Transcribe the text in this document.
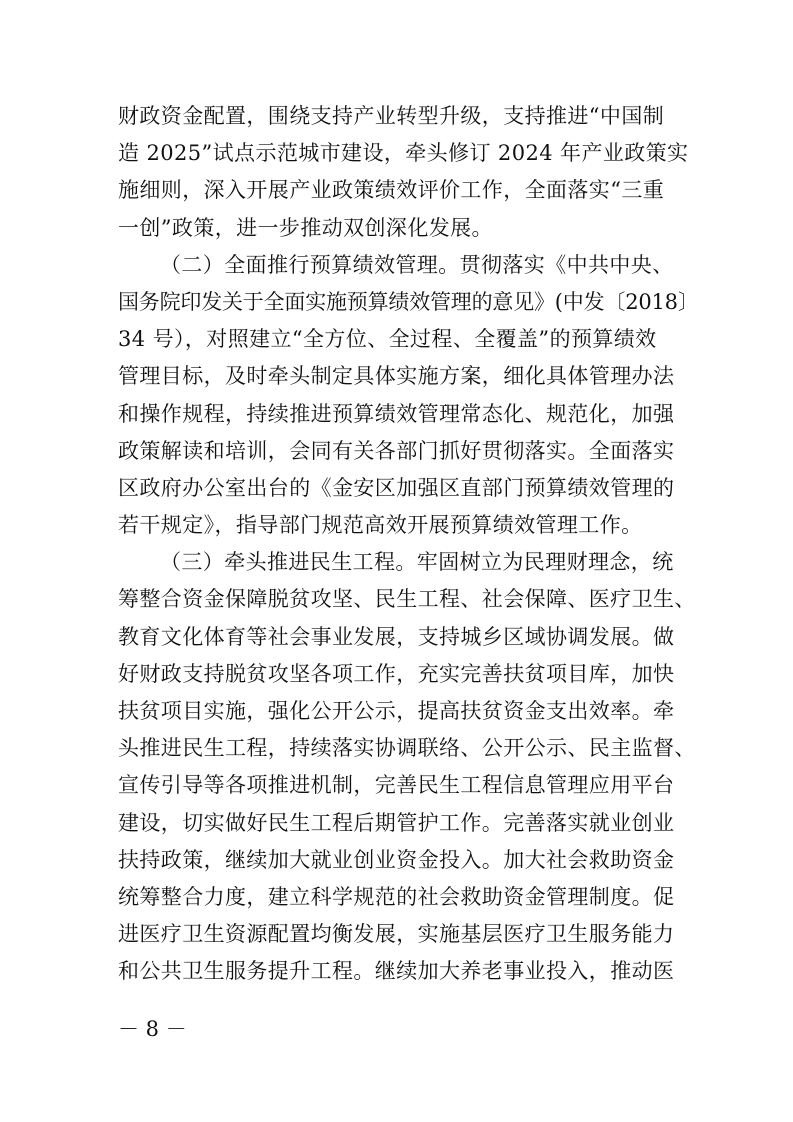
财政资金配置，围绕支持产业转型升级，支持推进“中国制
造 2025”试点示范城市建设，牵头修订 2024 年产业政策实
施细则，深入开展产业政策绩效评价工作，全面落实“三重
一创”政策，进一步推动双创深化发展。
（二）全面推行预算绩效管理。贯彻落实《中共中央、
国务院印发关于全面实施预算绩效管理的意见》(中发〔2018〕
34 号），对照建立“全方位、全过程、全覆盖”的预算绩效
管理目标，及时牵头制定具体实施方案，细化具体管理办法
和操作规程，持续推进预算绩效管理常态化、规范化，加强
政策解读和培训，会同有关各部门抓好贯彻落实。全面落实
区政府办公室出台的《金安区加强区直部门预算绩效管理的
若干规定》，指导部门规范高效开展预算绩效管理工作。
（三）牵头推进民生工程。牢固树立为民理财理念，统
筹整合资金保障脱贫攻坚、民生工程、社会保障、医疗卫生、
教育文化体育等社会事业发展，支持城乡区域协调发展。做
好财政支持脱贫攻坚各项工作，充实完善扶贫项目库，加快
扶贫项目实施，强化公开公示，提高扶贫资金支出效率。牵
头推进民生工程，持续落实协调联络、公开公示、民主监督、
宣传引导等各项推进机制，完善民生工程信息管理应用平台
建设，切实做好民生工程后期管护工作。完善落实就业创业
扶持政策，继续加大就业创业资金投入。加大社会救助资金
统筹整合力度，建立科学规范的社会救助资金管理制度。促
进医疗卫生资源配置均衡发展，实施基层医疗卫生服务能力
和公共卫生服务提升工程。继续加大养老事业投入，推动医
－ 8 －
